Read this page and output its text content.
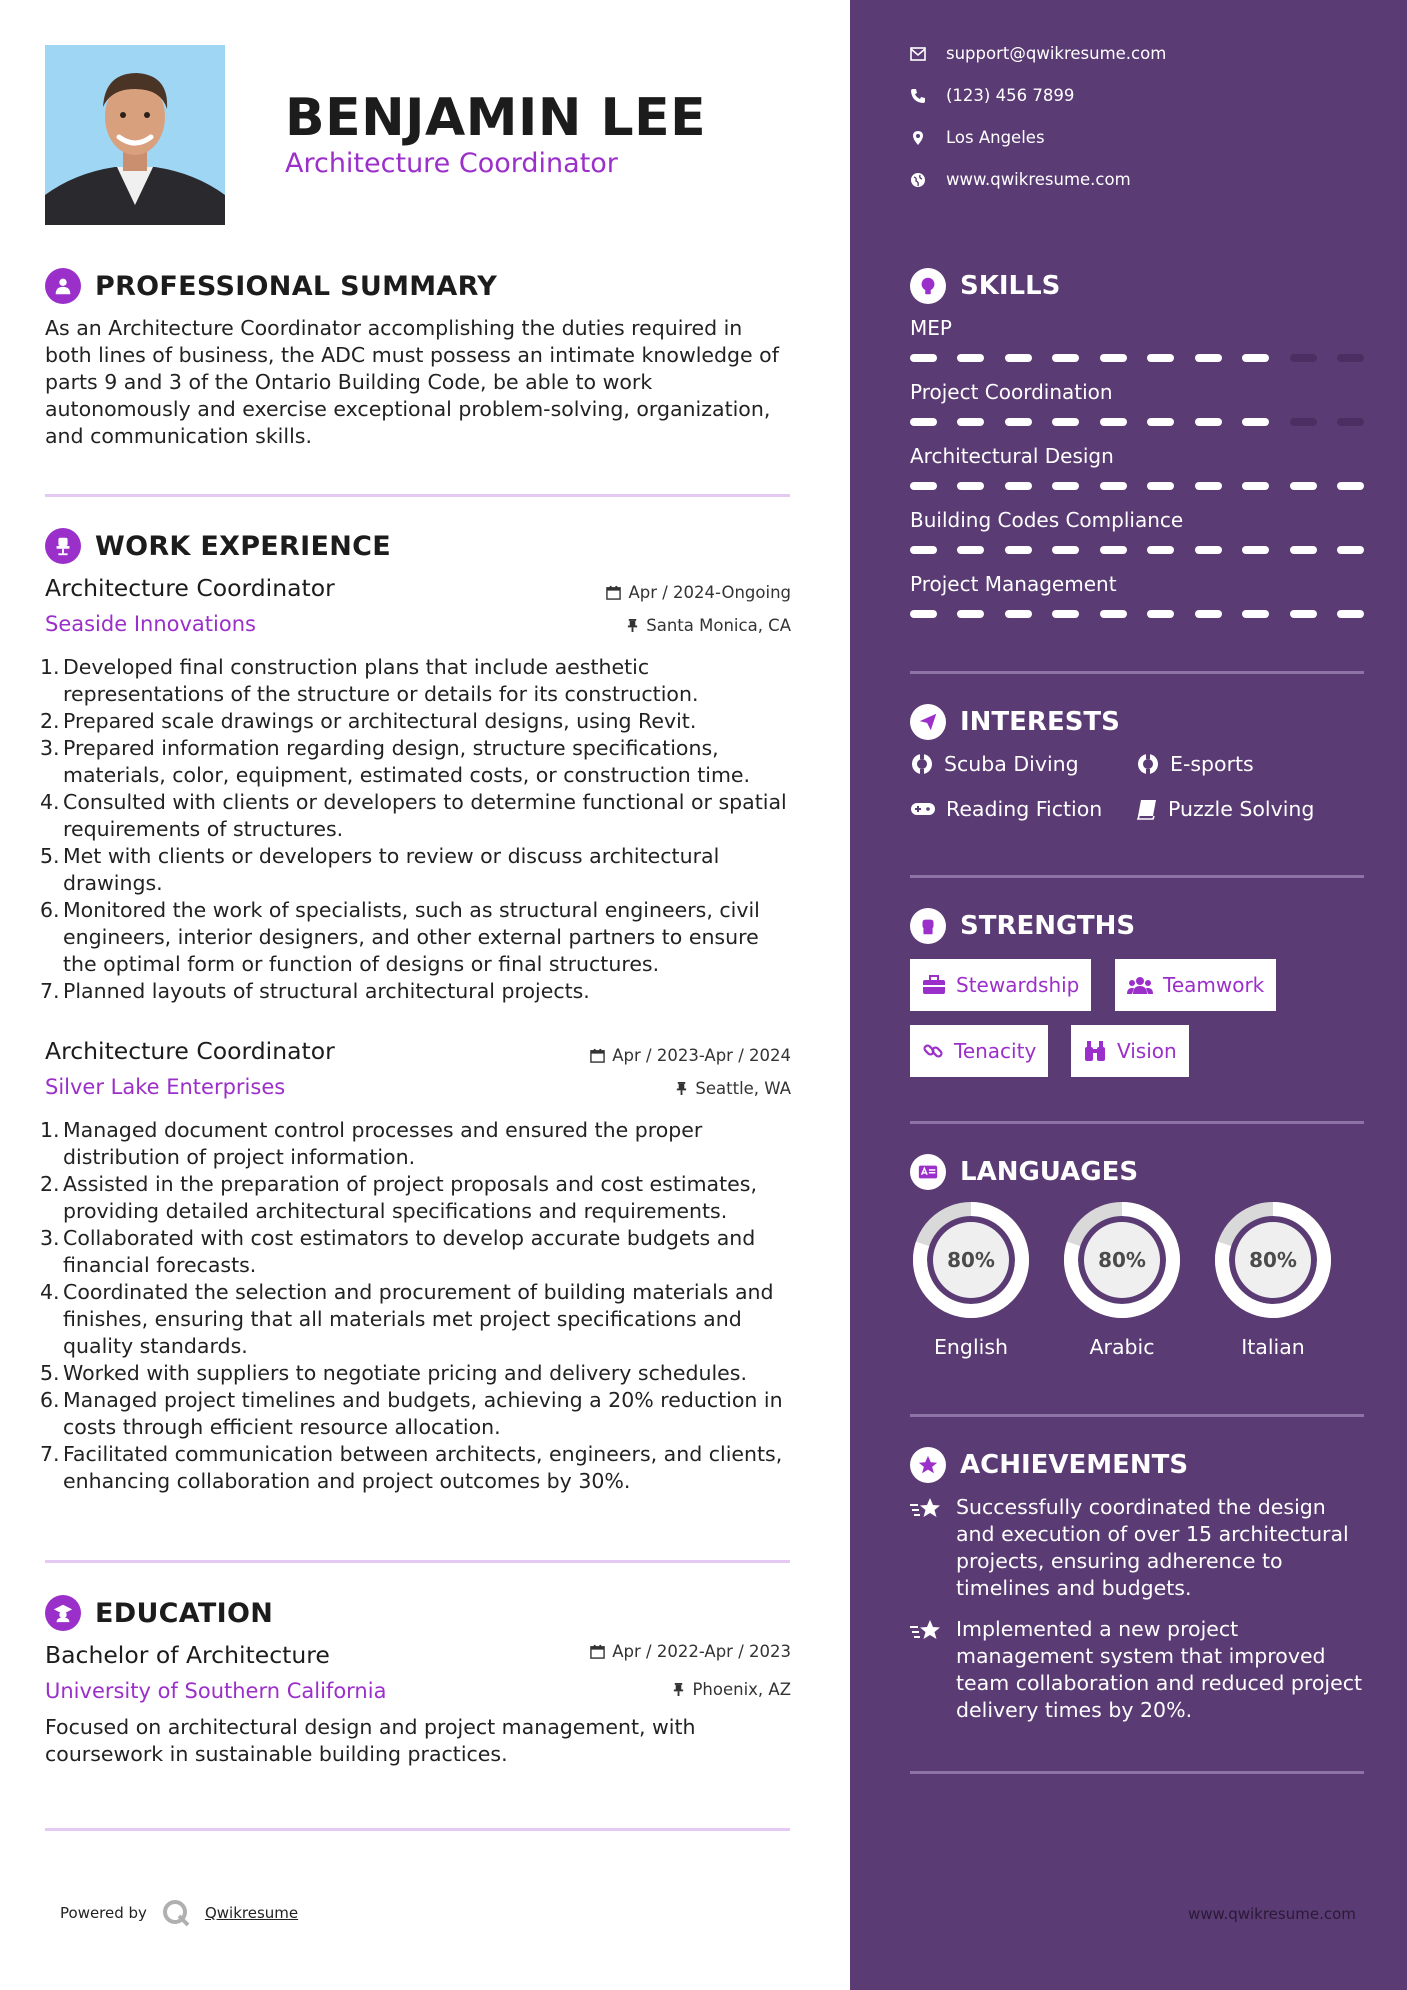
BENJAMIN LEE
Architecture Coordinator
PROFESSIONAL SUMMARY
As an Architecture Coordinator accomplishing the duties required in both lines of business, the ADC must possess an intimate knowledge of parts 9 and 3 of the Ontario Building Code, be able to work autonomously and exercise exceptional problem-solving, organization, and communication skills.
WORK EXPERIENCE
Architecture Coordinator
Seaside Innovations
Apr / 2024-Ongoing
Santa Monica, CA
1. Developed final construction plans that include aesthetic representations of the structure or details for its construction.
2. Prepared scale drawings or architectural designs, using Revit.
3. Prepared information regarding design, structure specifications, materials, color, equipment, estimated costs, or construction time.
4. Consulted with clients or developers to determine functional or spatial requirements of structures.
5. Met with clients or developers to review or discuss architectural drawings.
6. Monitored the work of specialists, such as structural engineers, civil engineers, interior designers, and other external partners to ensure the optimal form or function of designs or final structures.
7. Planned layouts of structural architectural projects.
Architecture Coordinator
Silver Lake Enterprises
Apr / 2023-Apr / 2024
Seattle, WA
1. Managed document control processes and ensured the proper distribution of project information.
2. Assisted in the preparation of project proposals and cost estimates, providing detailed architectural specifications and requirements.
3. Collaborated with cost estimators to develop accurate budgets and financial forecasts.
4. Coordinated the selection and procurement of building materials and finishes, ensuring that all materials met project specifications and quality standards.
5. Worked with suppliers to negotiate pricing and delivery schedules.
6. Managed project timelines and budgets, achieving a 20% reduction in costs through efficient resource allocation.
7. Facilitated communication between architects, engineers, and clients, enhancing collaboration and project outcomes by 30%.
EDUCATION
Bachelor of Architecture
University of Southern California
Apr / 2022-Apr / 2023
Phoenix, AZ
Focused on architectural design and project management, with coursework in sustainable building practices.
Powered by	Qwikresume
support@qwikresume.com
(123) 456 7899
Los Angeles
www.qwikresume.com
SKILLS
MEP
Project Coordination
Architectural Design
Building Codes Compliance
Project Management
INTERESTS
Scuba Diving	E-sports
Reading Fiction	Puzzle Solving
STRENGTHS
Stewardship	Teamwork
Tenacity	Vision
LANGUAGES
80%
English
80%
Arabic
80%
Italian
ACHIEVEMENTS
Successfully coordinated the design and execution of over 15 architectural projects, ensuring adherence to timelines and budgets.
Implemented a new project management system that improved team collaboration and reduced project delivery times by 20%.
www.qwikresume.com
